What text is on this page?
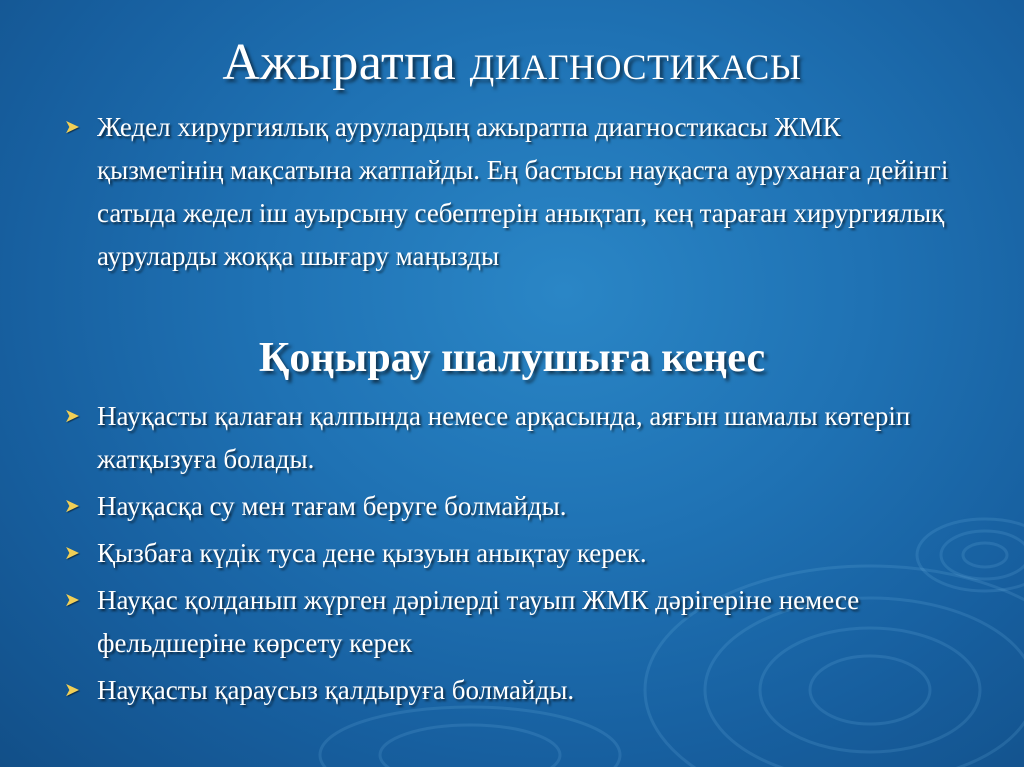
Ажыратпа диагностикасы
➤ Жедел хирургиялық аурулардың ажыратпа диагностикасы ЖМК қызметінің мақсатына жатпайды. Ең бастысы науқаста ауруханаға дейінгі сатыда жедел іш ауырсыну себептерін анықтап, кең тараған хирургиялық ауруларды жоққа шығару маңызды
Қоңырау шалушыға кеңес
➤ Науқасты қалаған қалпында немесе арқасында, аяғын шамалы көтеріп жатқызуға болады.
➤ Науқасқа су мен тағам беруге болмайды.
➤ Қызбаға күдік туса дене қызуын анықтау керек.
➤ Науқас қолданып жүрген дәрілерді тауып ЖМК дәрігеріне немесе фельдшеріне көрсету керек
➤ Науқасты қараусыз қалдыруға болмайды.
